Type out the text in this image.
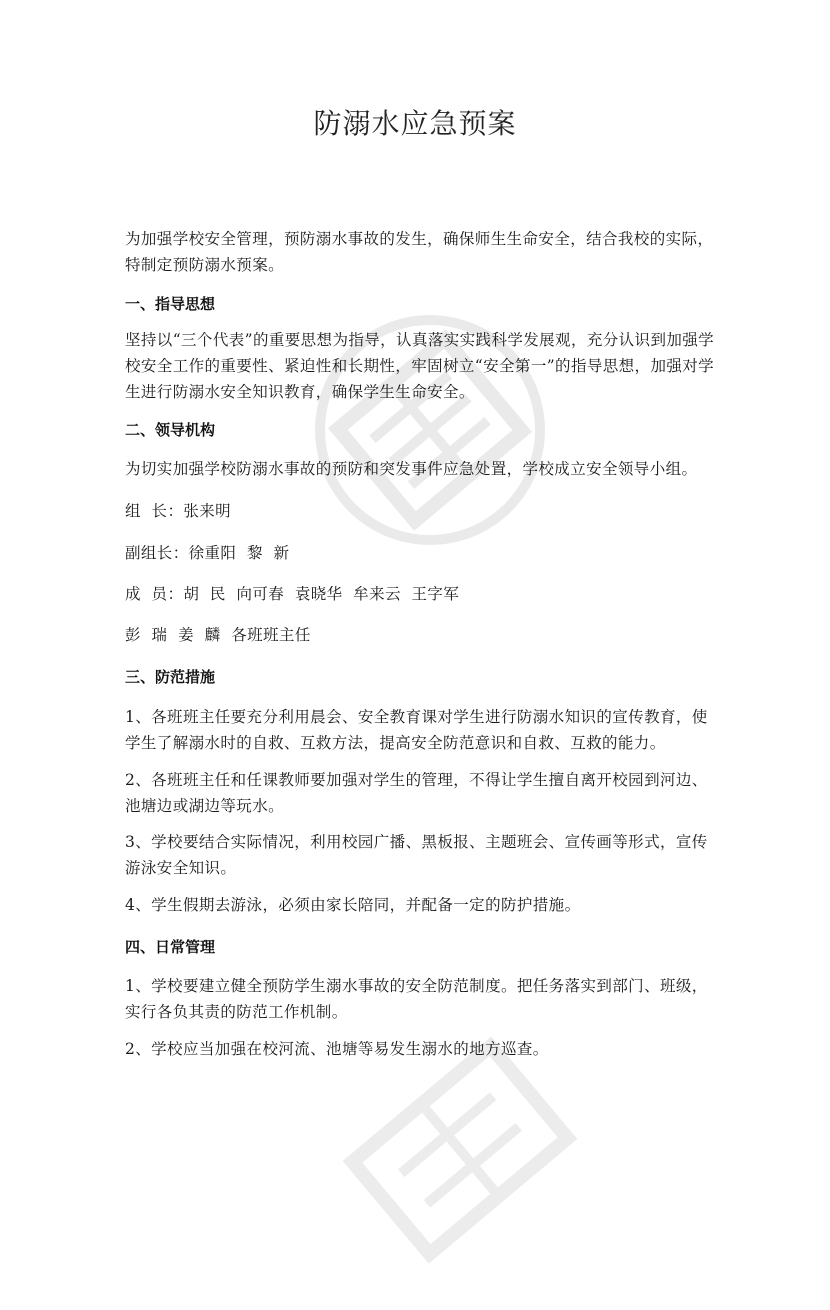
防溺水应急预案

为加强学校安全管理，预防溺水事故的发生，确保师生生命安全，结合我校的实际，特制定预防溺水预案。

一、指导思想

坚持以“三个代表”的重要思想为指导，认真落实实践科学发展观，充分认识到加强学校安全工作的重要性、紧迫性和长期性，牢固树立“安全第一”的指导思想，加强对学生进行防溺水安全知识教育，确保学生生命安全。

二、领导机构

为切实加强学校防溺水事故的预防和突发事件应急处置，学校成立安全领导小组。

组  长：张来明

副组长：徐重阳  黎  新

成  员：胡  民  向可春  袁晓华  牟来云  王字军

彭  瑞  姜  麟  各班班主任

三、防范措施

1、各班班主任要充分利用晨会、安全教育课对学生进行防溺水知识的宣传教育，使学生了解溺水时的自救、互救方法，提高安全防范意识和自救、互救的能力。

2、各班班主任和任课教师要加强对学生的管理，不得让学生擅自离开校园到河边、池塘边或湖边等玩水。

3、学校要结合实际情况，利用校园广播、黑板报、主题班会、宣传画等形式，宣传游泳安全知识。

4、学生假期去游泳，必须由家长陪同，并配备一定的防护措施。

四、日常管理

1、学校要建立健全预防学生溺水事故的安全防范制度。把任务落实到部门、班级，实行各负其责的防范工作机制。

2、学校应当加强在校河流、池塘等易发生溺水的地方巡查。
